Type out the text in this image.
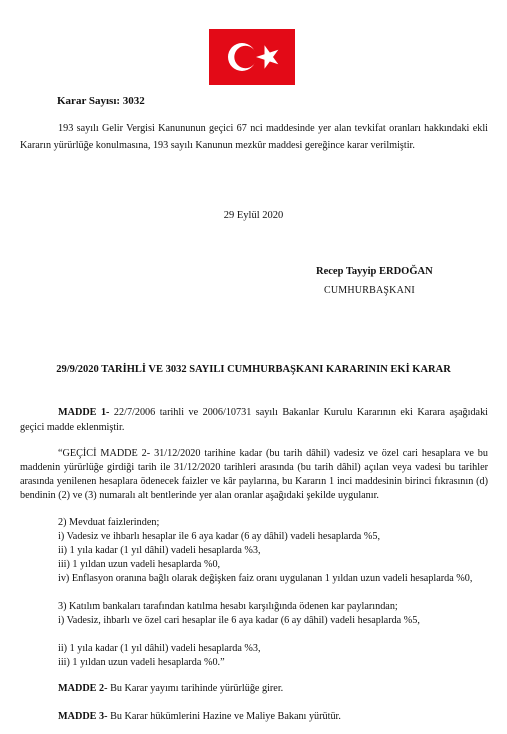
Karar Sayısı: 3032

193 sayılı Gelir Vergisi Kanununun geçici 67 nci maddesinde yer alan tevkifat oranları hakkındaki ekli Kararın yürürlüğe konulmasına, 193 sayılı Kanunun mezkûr maddesi gereğince karar verilmiştir.

29 Eylül 2020

Recep Tayyip ERDOĞAN

CUMHURBAŞKANI

29/9/2020 TARİHLİ VE 3032 SAYILI CUMHURBAŞKANI KARARININ EKİ KARAR

MADDE 1- 22/7/2006 tarihli ve 2006/10731 sayılı Bakanlar Kurulu Kararının eki Karara aşağıdaki geçici madde eklenmiştir.

“GEÇİCİ MADDE 2- 31/12/2020 tarihine kadar (bu tarih dâhil) vadesiz ve özel cari hesaplara ve bu maddenin yürürlüğe girdiği tarih ile 31/12/2020 tarihleri arasında (bu tarih dâhil) açılan veya vadesi bu tarihler arasında yenilenen hesaplara ödenecek faizler ve kâr paylarına, bu Kararın 1 inci maddesinin birinci fıkrasının (d) bendinin (2) ve (3) numaralı alt bentlerinde yer alan oranlar aşağıdaki şekilde uygulanır.

2) Mevduat faizlerinden;

i) Vadesiz ve ihbarlı hesaplar ile 6 aya kadar (6 ay dâhil) vadeli hesaplarda %5,

ii) 1 yıla kadar (1 yıl dâhil) vadeli hesaplarda %3,

iii) 1 yıldan uzun vadeli hesaplarda %0,

iv) Enflasyon oranına bağlı olarak değişken faiz oranı uygulanan 1 yıldan uzun vadeli hesaplarda %0,

3) Katılım bankaları tarafından katılma hesabı karşılığında ödenen kar paylarından;

i) Vadesiz, ihbarlı ve özel cari hesaplar ile 6 aya kadar (6 ay dâhil) vadeli hesaplarda %5,

ii) 1 yıla kadar (1 yıl dâhil) vadeli hesaplarda %3,

iii) 1 yıldan uzun vadeli hesaplarda %0.”

MADDE 2- Bu Karar yayımı tarihinde yürürlüğe girer.

MADDE 3- Bu Karar hükümlerini Hazine ve Maliye Bakanı yürütür.
